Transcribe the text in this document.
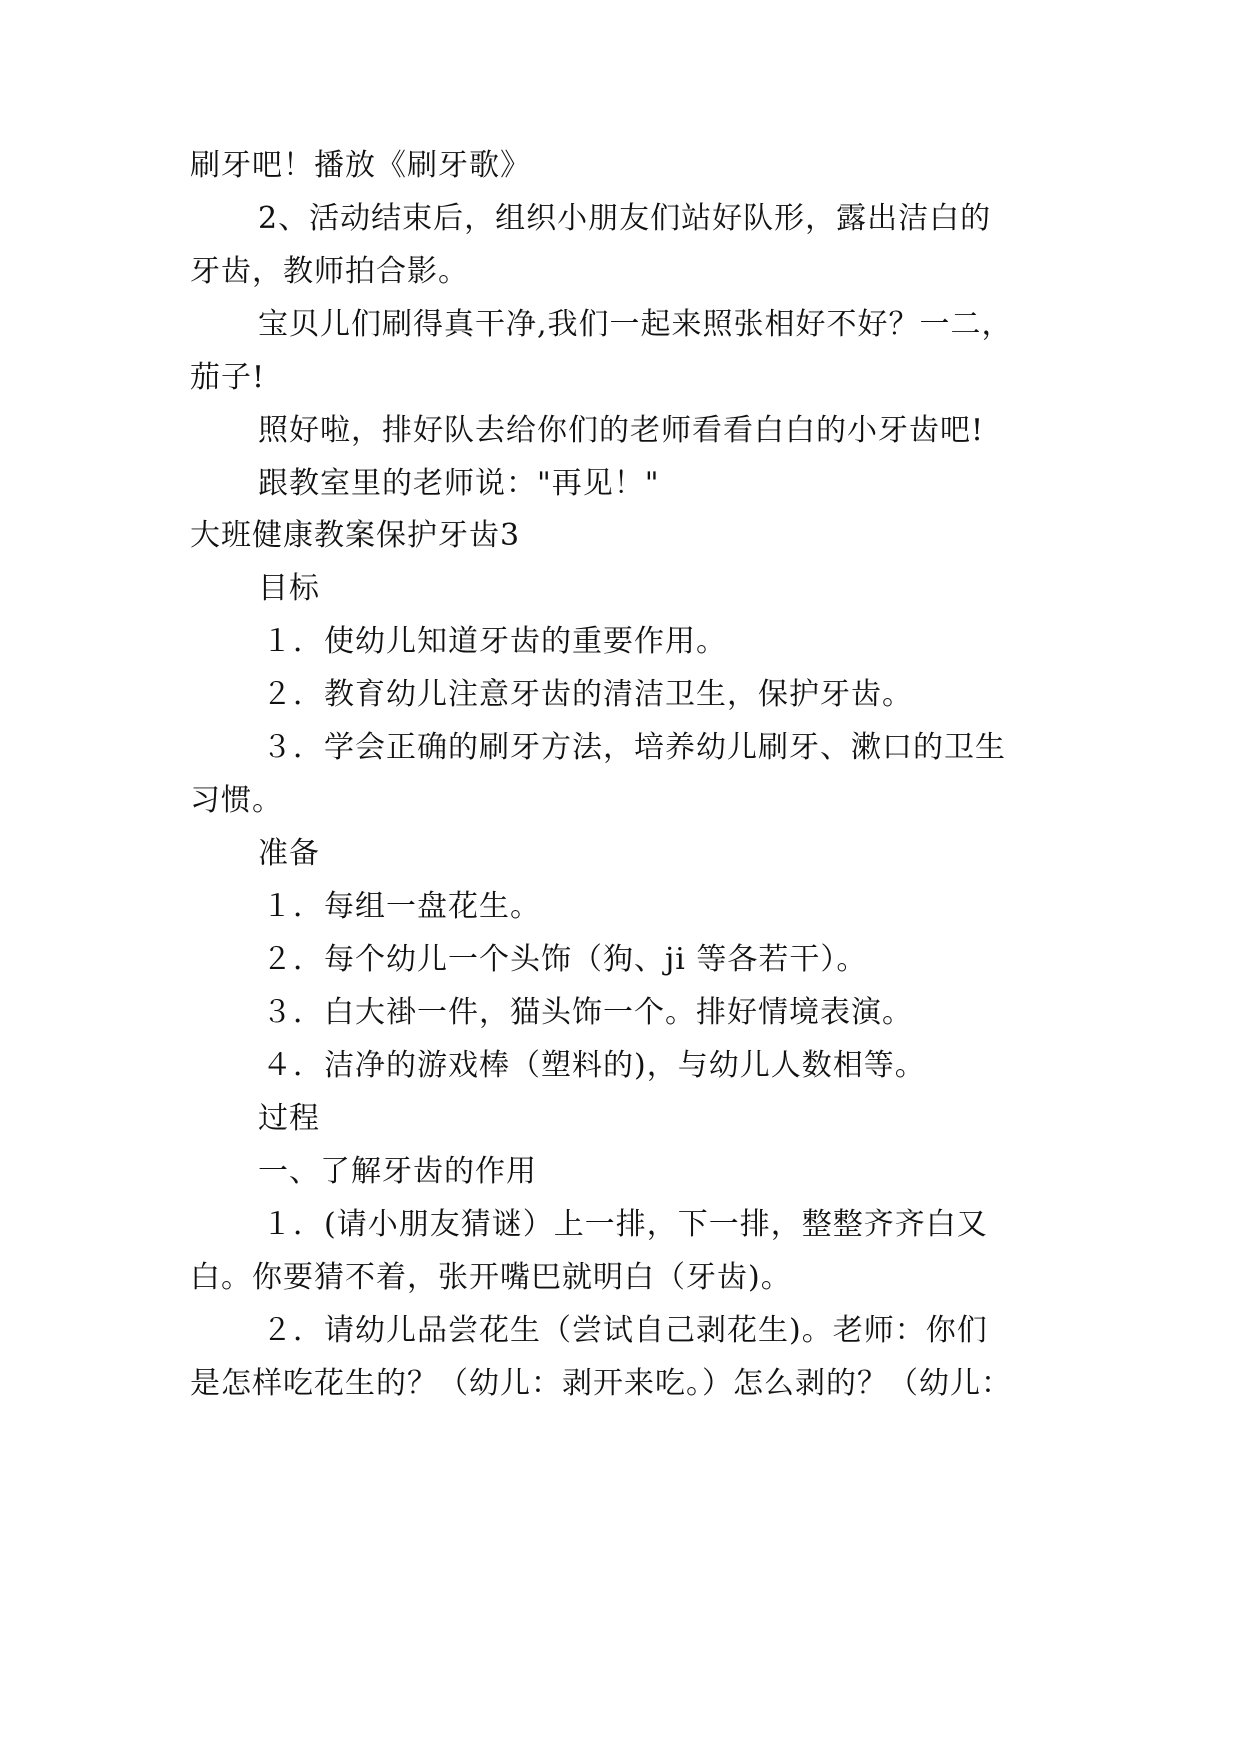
刷牙吧！播放《刷牙歌》
2、活动结束后，组织小朋友们站好队形，露出洁白的
牙齿，教师拍合影。
宝贝儿们刷得真干净,我们一起来照张相好不好？一二，
茄子!
照好啦，排好队去给你们的老师看看白白的小牙齿吧!
跟教室里的老师说："再见！"
大班健康教案保护牙齿3
目标
１．使幼儿知道牙齿的重要作用。
２．教育幼儿注意牙齿的清洁卫生，保护牙齿。
３．学会正确的刷牙方法，培养幼儿刷牙、漱口的卫生
习惯。
准备
１．每组一盘花生。
２．每个幼儿一个头饰（狗、ji 等各若干）。
３．白大褂一件，猫头饰一个。排好情境表演。
４．洁净的游戏棒（塑料的)，与幼儿人数相等。
过程
一、了解牙齿的作用
１．(请小朋友猜谜）上一排，下一排，整整齐齐白又
白。你要猜不着，张开嘴巴就明白（牙齿)。
２．请幼儿品尝花生（尝试自己剥花生)。老师：你们
是怎样吃花生的？（幼儿：剥开来吃。）怎么剥的？（幼儿：
